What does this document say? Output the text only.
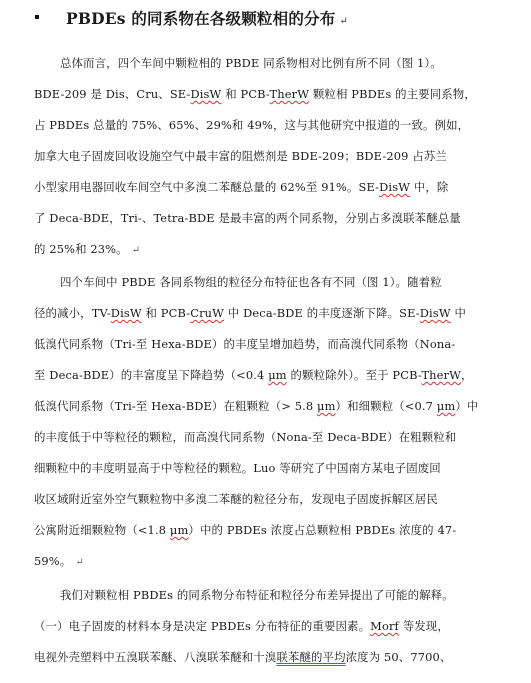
PBDEs 的同系物在各级颗粒相的分布 ↵
总体而言，四个车间中颗粒相的 PBDE 同系物相对比例有所不同（图 1）。
BDE-209 是 Dis、Cru、SE-DisW 和 PCB-TherW 颗粒相 PBDEs 的主要同系物，
占 PBDEs 总量的 75%、65%、29%和 49%，这与其他研究中报道的一致。例如，
加拿大电子固废回收设施空气中最丰富的阻燃剂是 BDE-209；BDE-209 占苏兰
小型家用电器回收车间空气中多溴二苯醚总量的 62%至 91%。SE-DisW 中，除
了 Deca-BDE，Tri-、Tetra-BDE 是最丰富的两个同系物，分别占多溴联苯醚总量
的 25%和 23%。 ↵
四个车间中 PBDE 各同系物组的粒径分布特征也各有不同（图 1）。随着粒
径的减小，TV-DisW 和 PCB-CruW 中 Deca-BDE 的丰度逐渐下降。SE-DisW 中
低溴代同系物（Tri-至 Hexa-BDE）的丰度呈增加趋势，而高溴代同系物（Nona-
至 Deca-BDE）的丰富度呈下降趋势（<0.4 μm 的颗粒除外）。至于 PCB-TherW，
低溴代同系物（Tri-至 Hexa-BDE）在粗颗粒（> 5.8 μm）和细颗粒（<0.7 μm）中
的丰度低于中等粒径的颗粒，而高溴代同系物（Nona-至 Deca-BDE）在粗颗粒和
细颗粒中的丰度明显高于中等粒径的颗粒。Luo 等研究了中国南方某电子固废回
收区域附近室外空气颗粒物中多溴二苯醚的粒径分布，发现电子固废拆解区居民
公寓附近细颗粒物（<1.8 μm）中的 PBDEs 浓度占总颗粒相 PBDEs 浓度的 47-
59%。 ↵
我们对颗粒相 PBDEs 的同系物分布特征和粒径分布差异提出了可能的解释。
（一）电子固废的材料本身是决定 PBDEs 分布特征的重要因素。Morf 等发现，
电视外壳塑料中五溴联苯醚、八溴联苯醚和十溴联苯醚的平均浓度为 50、7700、
